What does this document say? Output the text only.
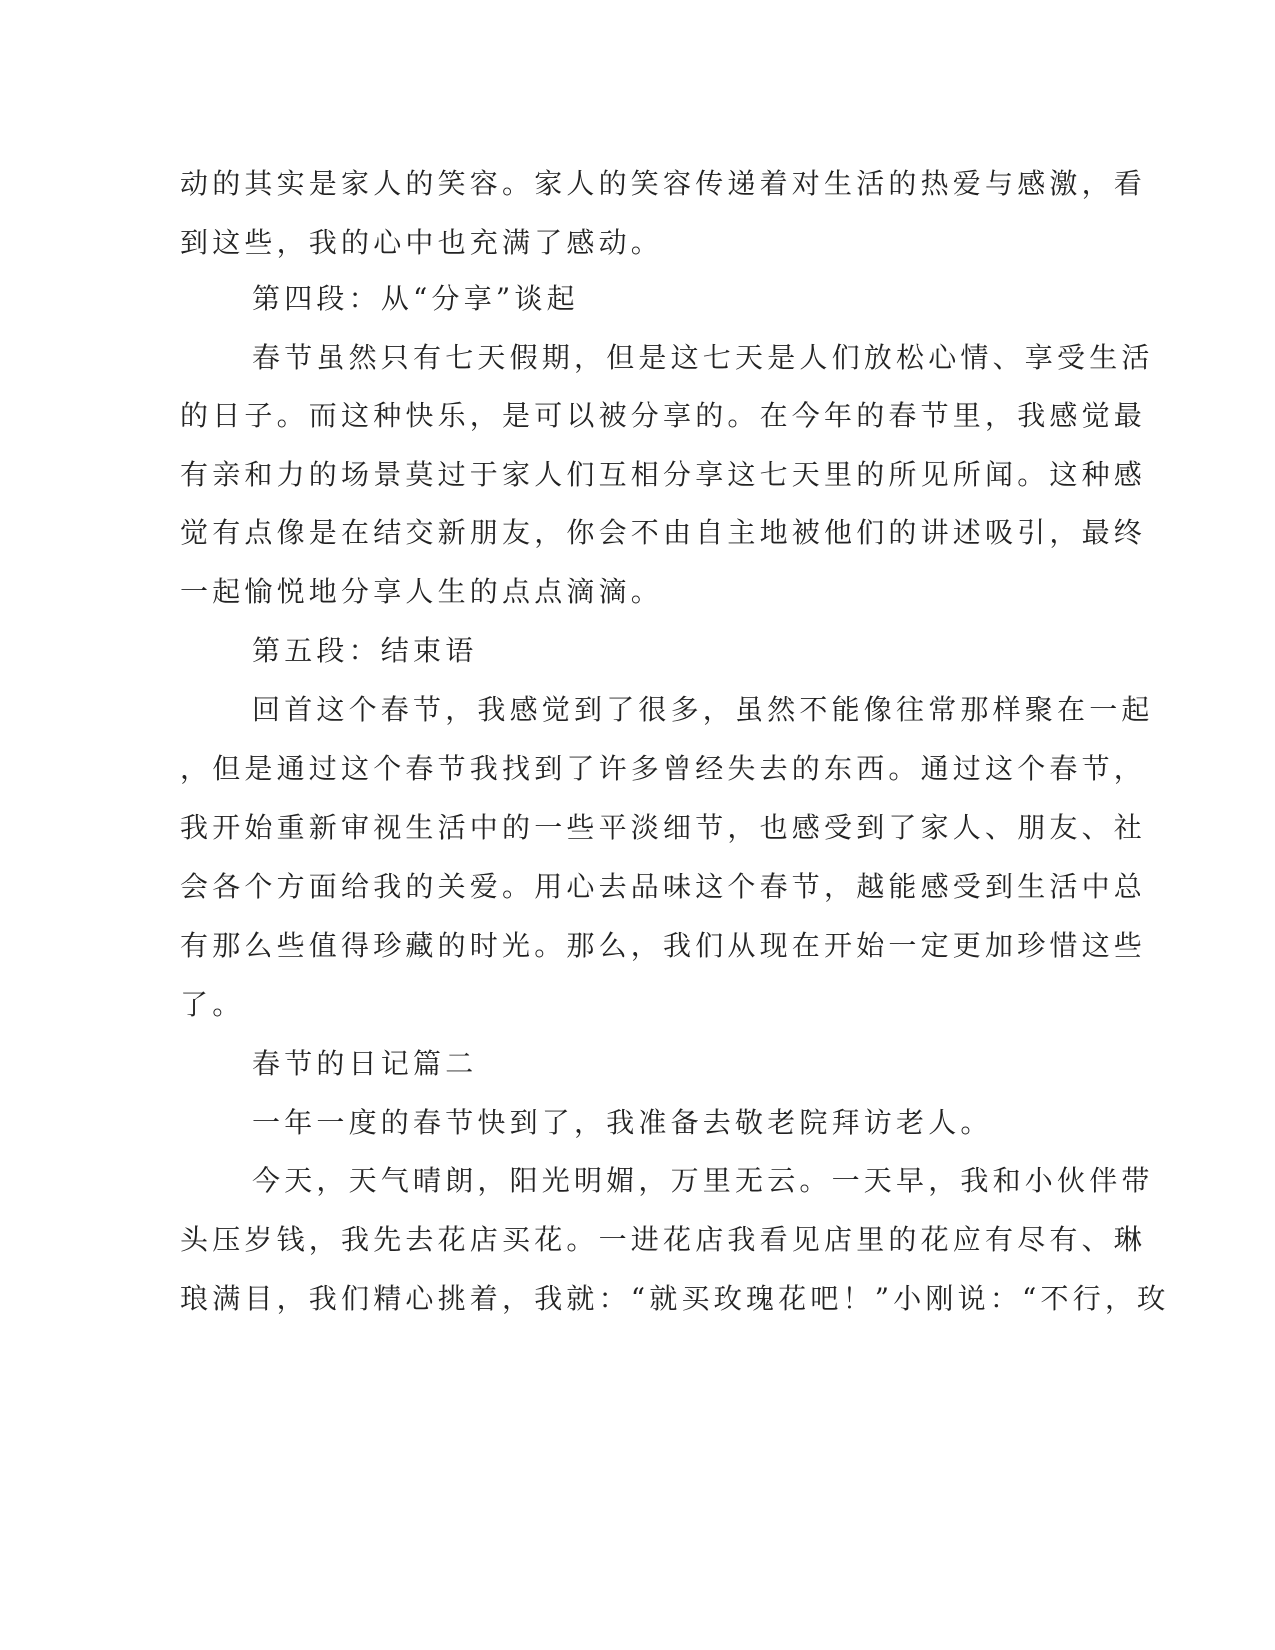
动的其实是家人的笑容。家人的笑容传递着对生活的热爱与感激，看
到这些，我的心中也充满了感动。
第四段：从“分享”谈起
春节虽然只有七天假期，但是这七天是人们放松心情、享受生活
的日子。而这种快乐，是可以被分享的。在今年的春节里，我感觉最
有亲和力的场景莫过于家人们互相分享这七天里的所见所闻。这种感
觉有点像是在结交新朋友，你会不由自主地被他们的讲述吸引，最终
一起愉悦地分享人生的点点滴滴。
第五段：结束语
回首这个春节，我感觉到了很多，虽然不能像往常那样聚在一起
，但是通过这个春节我找到了许多曾经失去的东西。通过这个春节，
我开始重新审视生活中的一些平淡细节，也感受到了家人、朋友、社
会各个方面给我的关爱。用心去品味这个春节，越能感受到生活中总
有那么些值得珍藏的时光。那么，我们从现在开始一定更加珍惜这些
了。
春节的日记篇二
一年一度的春节快到了，我准备去敬老院拜访老人。
今天，天气晴朗，阳光明媚，万里无云。一天早，我和小伙伴带
头压岁钱，我先去花店买花。一进花店我看见店里的花应有尽有、琳
琅满目，我们精心挑着，我就：“就买玫瑰花吧！”小刚说：“不行，玫
